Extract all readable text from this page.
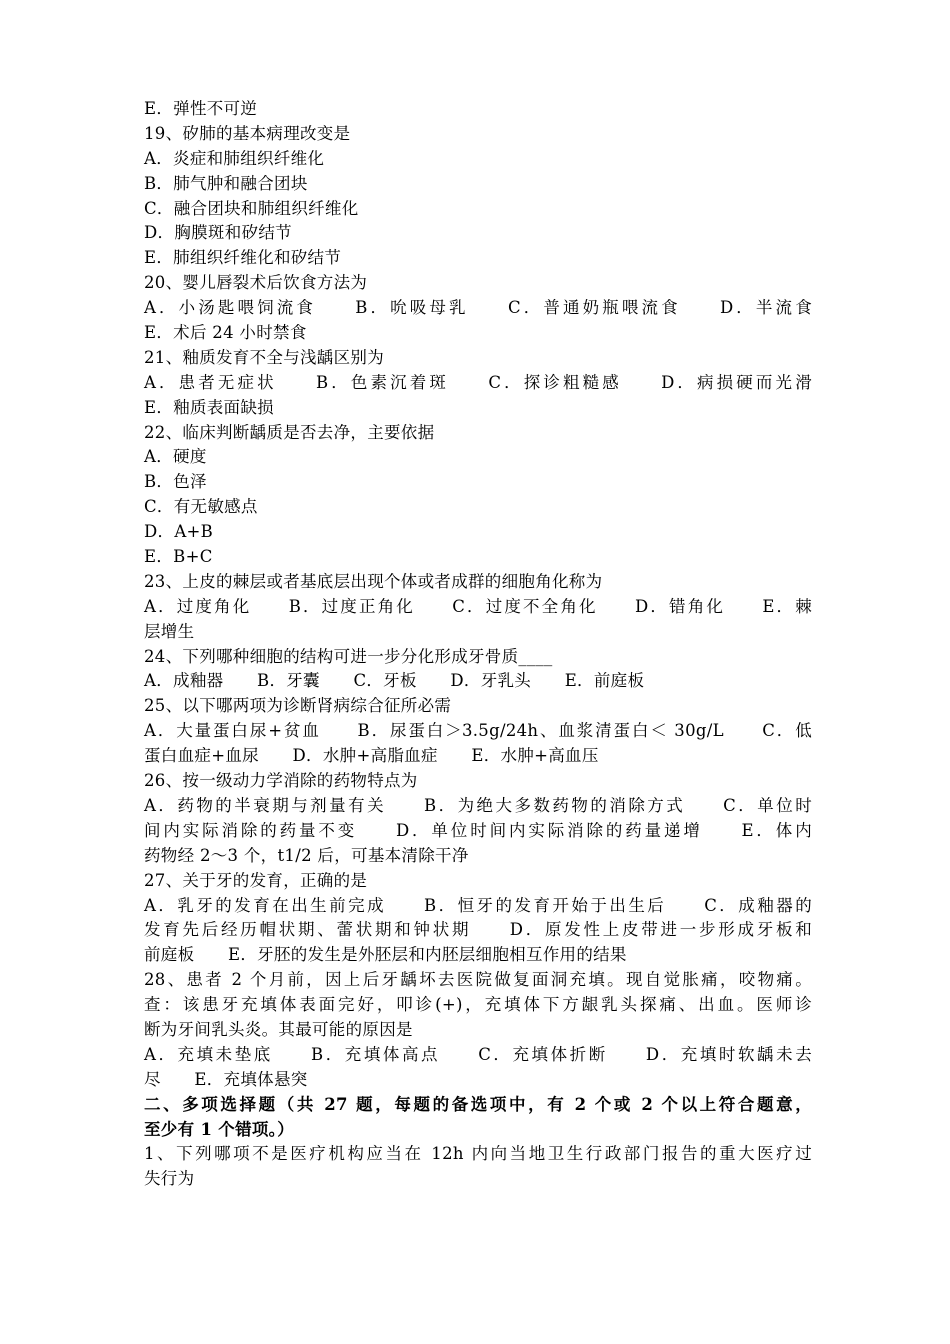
E．弹性不可逆
19、矽肺的基本病理改变是
A．炎症和肺组织纤维化
B．肺气肿和融合团块
C．融合团块和肺组织纤维化
D．胸膜斑和矽结节
E．肺组织纤维化和矽结节
20、婴儿唇裂术后饮食方法为
A．小汤匙喂饲流食　　B．吮吸母乳　　C．普通奶瓶喂流食　　D．半流食
E．术后 24 小时禁食
21、釉质发育不全与浅龋区别为
A．患者无症状　　B．色素沉着斑　　C．探诊粗糙感　　D．病损硬而光滑
E．釉质表面缺损
22、临床判断龋质是否去净，主要依据
A．硬度
B．色泽
C．有无敏感点
D．A+B
E．B+C
23、上皮的棘层或者基底层出现个体或者成群的细胞角化称为
A．过度角化　　B．过度正角化　　C．过度不全角化　　D．错角化　　E．棘
层增生
24、下列哪种细胞的结构可进一步分化形成牙骨质____
A．成釉器　　B．牙囊　　C．牙板　　D．牙乳头　　E．前庭板
25、以下哪两项为诊断肾病综合征所必需
A．大量蛋白尿+贫血　　B．尿蛋白＞3.5g/24h、血浆清蛋白＜ 30g/L　　C．低
蛋白血症+血尿　　D．水肿+高脂血症　　E．水肿+高血压
26、按一级动力学消除的药物特点为
A．药物的半衰期与剂量有关　　B．为绝大多数药物的消除方式　　C．单位时
间内实际消除的药量不变　　D．单位时间内实际消除的药量递增　　E．体内
药物经 2～3 个，t1/2 后，可基本清除干净
27、关于牙的发育，正确的是
A．乳牙的发育在出生前完成　　B．恒牙的发育开始于出生后　　C．成釉器的
发育先后经历帽状期、蕾状期和钟状期　　D．原发性上皮带进一步形成牙板和
前庭板　　E．牙胚的发生是外胚层和内胚层细胞相互作用的结果
28、患者 2 个月前，因上后牙龋坏去医院做复面洞充填。现自觉胀痛，咬物痛。
查：该患牙充填体表面完好，叩诊(+)，充填体下方龈乳头探痛、出血。医师诊
断为牙间乳头炎。其最可能的原因是
A．充填未垫底　　B．充填体高点　　C．充填体折断　　D．充填时软龋未去
尽　　E．充填体悬突
二、多项选择题（共 27 题，每题的备选项中，有 2 个或 2 个以上符合题意，
至少有 1 个错项。）
1、下列哪项不是医疗机构应当在 12h 内向当地卫生行政部门报告的重大医疗过
失行为
